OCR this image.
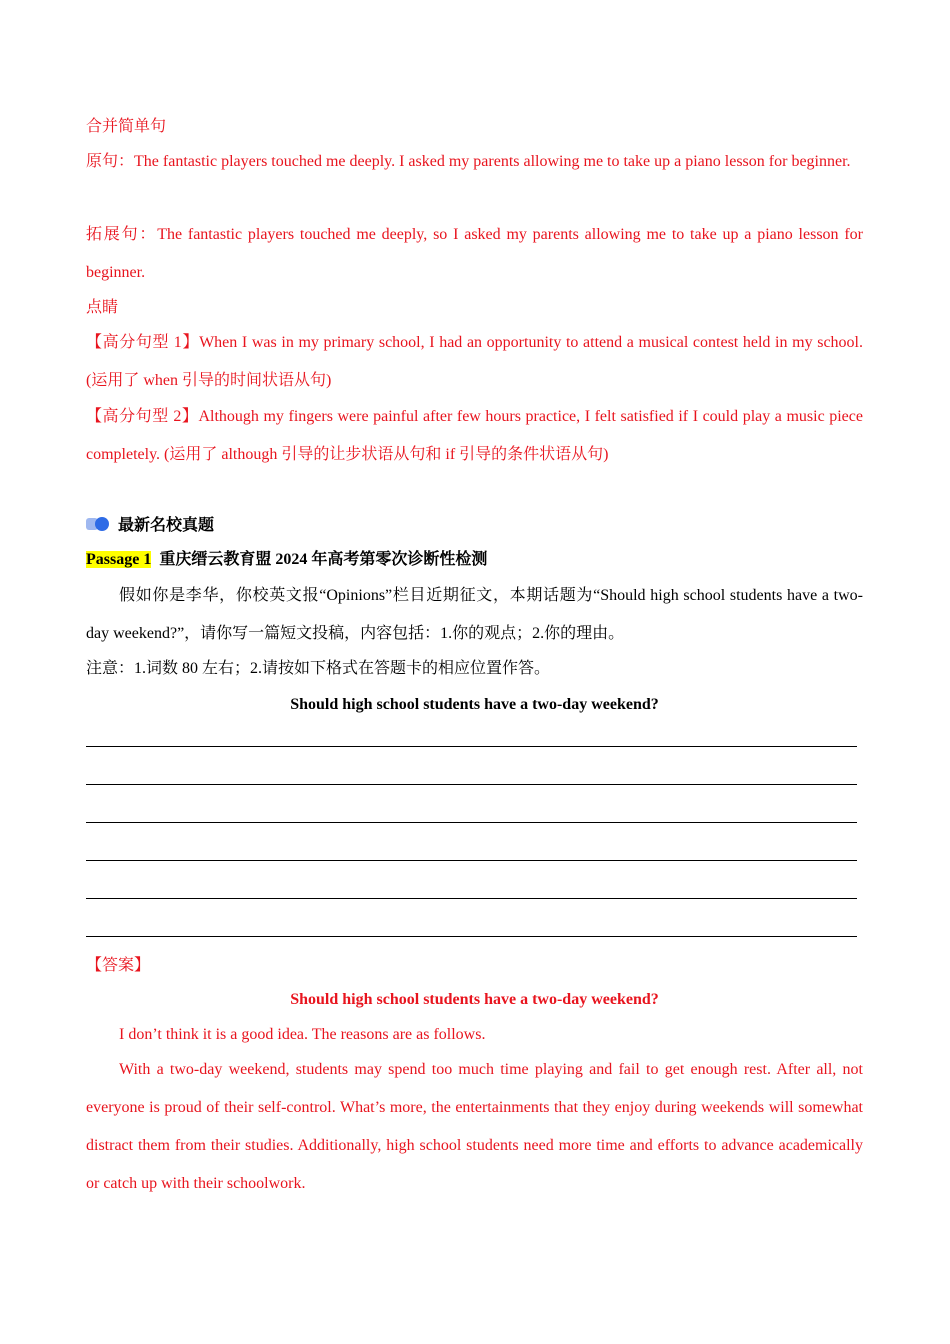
合并简单句

原句：The fantastic players touched me deeply. I asked my parents allowing me to take up a piano lesson for beginner.

拓展句：The fantastic players touched me deeply, so I asked my parents allowing me to take up a piano lesson for beginner.

点睛

【高分句型 1】When I was in my primary school, I had an opportunity to attend a musical contest held in my school. (运用了 when 引导的时间状语从句)

【高分句型 2】Although my fingers were painful after few hours practice, I felt satisfied if I could play a music piece completely. (运用了 although 引导的让步状语从句和 if 引导的条件状语从句)

最新名校真题

Passage 1 重庆缙云教育盟 2024 年高考第零次诊断性检测

假如你是李华，你校英文报“Opinions”栏目近期征文，本期话题为“Should high school students have a two-day weekend?”，请你写一篇短文投稿，内容包括：1.你的观点；2.你的理由。

注意：1.词数 80 左右；2.请按如下格式在答题卡的相应位置作答。

Should high school students have a two-day weekend?

【答案】

Should high school students have a two-day weekend?

I don’t think it is a good idea. The reasons are as follows.

With a two-day weekend, students may spend too much time playing and fail to get enough rest. After all, not everyone is proud of their self-control. What’s more, the entertainments that they enjoy during weekends will somewhat distract them from their studies. Additionally, high school students need more time and efforts to advance academically or catch up with their schoolwork.
